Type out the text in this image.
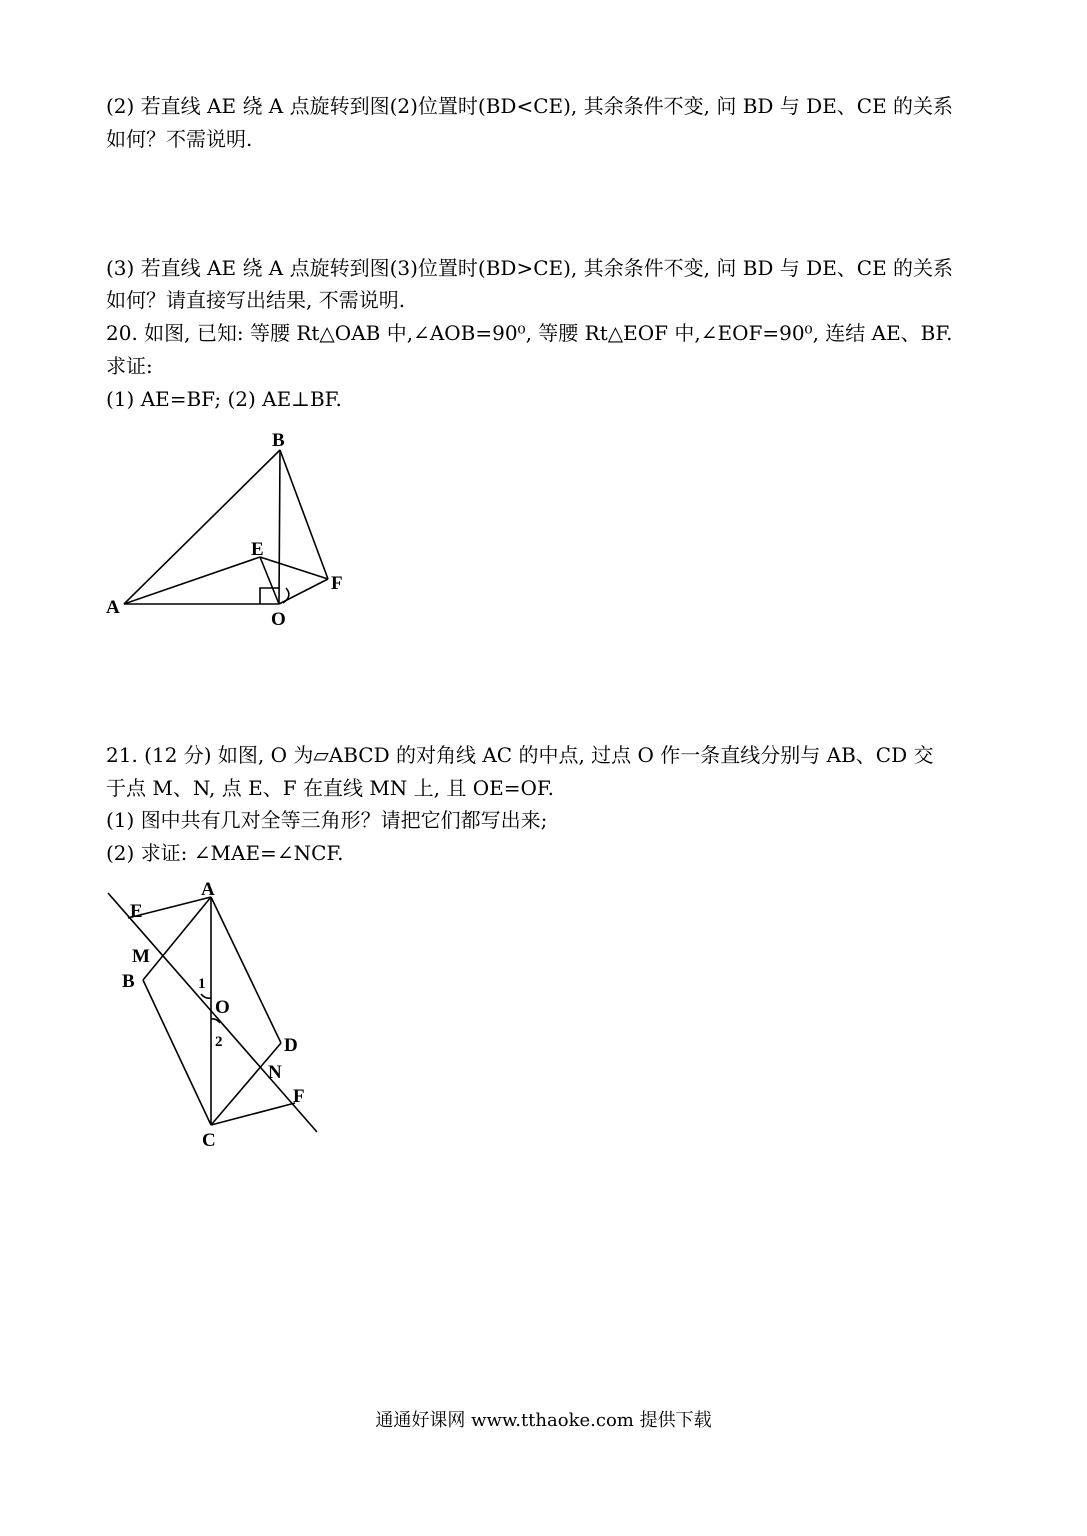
(2) 若直线 AE 绕 A 点旋转到图(2)位置时(BD<CE), 其余条件不变, 问 BD 与 DE、CE 的关系
如何？不需说明.
(3) 若直线 AE 绕 A 点旋转到图(3)位置时(BD>CE), 其余条件不变, 问 BD 与 DE、CE 的关系
如何？请直接写出结果, 不需说明.
20. 如图, 已知: 等腰 Rt△OAB 中,∠AOB=90⁰, 等腰 Rt△EOF 中,∠EOF=90⁰, 连结 AE、BF.
求证:
(1) AE=BF; (2) AE⊥BF.
B
E
F
A
O
21. (12 分) 如图, O 为▱ABCD 的对角线 AC 的中点, 过点 O 作一条直线分别与 AB、CD 交
于点 M、N, 点 E、F 在直线 MN 上, 且 OE=OF.
(1) 图中共有几对全等三角形？请把它们都写出来;
(2) 求证: ∠MAE=∠NCF.
A
E
M
B	1
O
2	D
N
F
C
通通好课网 www.tthaoke.com 提供下载
